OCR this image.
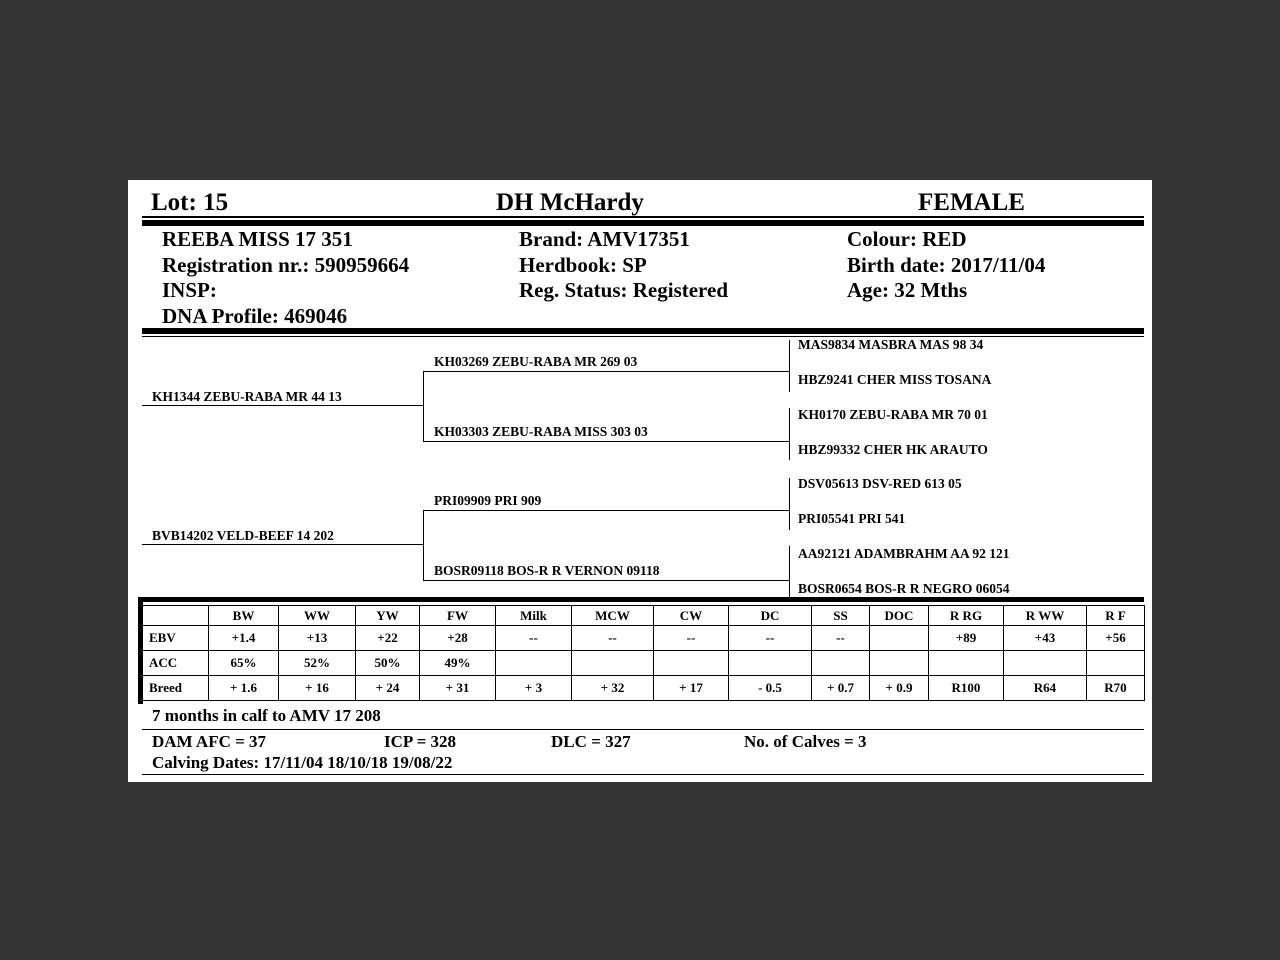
Lot: 15	DH McHardy	FEMALE
REEBA MISS 17 351
Registration nr.: 590959664
INSP:
DNA Profile: 469046
Brand: AMV17351
Herdbook: SP
Reg. Status: Registered
Colour: RED
Birth date: 2017/11/04
Age: 32 Mths
KH1344 ZEBU-RABA MR 44 13
BVB14202 VELD-BEEF 14 202
KH03269 ZEBU-RABA MR 269 03
KH03303 ZEBU-RABA MISS 303 03
PRI09909 PRI 909
BOSR09118 BOS-R R VERNON 09118
MAS9834 MASBRA MAS 98 34
HBZ9241 CHER MISS TOSANA
KH0170 ZEBU-RABA MR 70 01
HBZ99332 CHER HK ARAUTO
DSV05613 DSV-RED 613 05
PRI05541 PRI 541
AA92121 ADAMBRAHM AA 92 121
BOSR0654 BOS-R R NEGRO 06054
	BW	WW	YW	FW	Milk	MCW	CW	DC	SS	DOC	R RG	R WW	R F
EBV	+1.4	+13	+22	+28	--	--	--	--	--		+89	+43	+56
ACC	65%	52%	50%	49%									
Breed	+ 1.6	+ 16	+ 24	+ 31	+ 3	+ 32	+ 17	- 0.5	+ 0.7	+ 0.9	R100	R64	R70
7 months in calf to AMV 17 208
DAM AFC = 37	ICP = 328	DLC = 327	No. of Calves = 3
Calving Dates: 17/11/04 18/10/18 19/08/22
